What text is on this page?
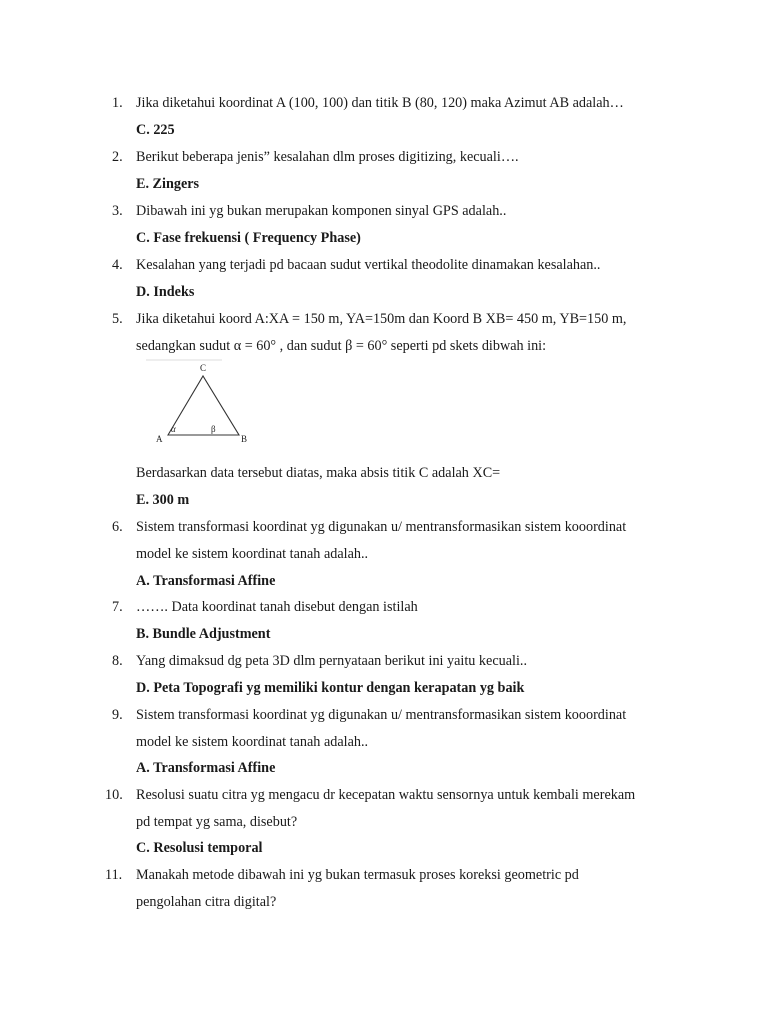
1. Jika diketahui koordinat A (100, 100) dan titik B (80, 120) maka Azimut AB adalah…
C. 225
2. Berikut beberapa jenis” kesalahan dlm proses digitizing, kecuali….
E. Zingers
3. Dibawah ini yg bukan merupakan komponen sinyal GPS adalah..
C. Fase frekuensi ( Frequency Phase)
4. Kesalahan yang terjadi pd bacaan sudut vertikal theodolite dinamakan kesalahan..
D. Indeks
5. Jika diketahui koord A:XA = 150 m, YA=150m dan Koord B XB= 450 m, YB=150 m,
sedangkan sudut α = 60° , dan sudut β = 60° seperti pd skets dibwah ini:
C
A	B
α	β
Berdasarkan data tersebut diatas, maka absis titik C adalah XC=
E. 300 m
6. Sistem transformasi koordinat yg digunakan u/ mentransformasikan sistem kooordinat
model ke sistem koordinat tanah adalah..
A. Transformasi Affine
7. ……. Data koordinat tanah disebut dengan istilah
B. Bundle Adjustment
8. Yang dimaksud dg peta 3D dlm pernyataan berikut ini yaitu kecuali..
D. Peta Topografi yg memiliki kontur dengan kerapatan yg baik
9. Sistem transformasi koordinat yg digunakan u/ mentransformasikan sistem kooordinat
model ke sistem koordinat tanah adalah..
A. Transformasi Affine
10. Resolusi suatu citra yg mengacu dr kecepatan waktu sensornya untuk kembali merekam
pd tempat yg sama, disebut?
C. Resolusi temporal
11. Manakah metode dibawah ini yg bukan termasuk proses koreksi geometric pd
pengolahan citra digital?
